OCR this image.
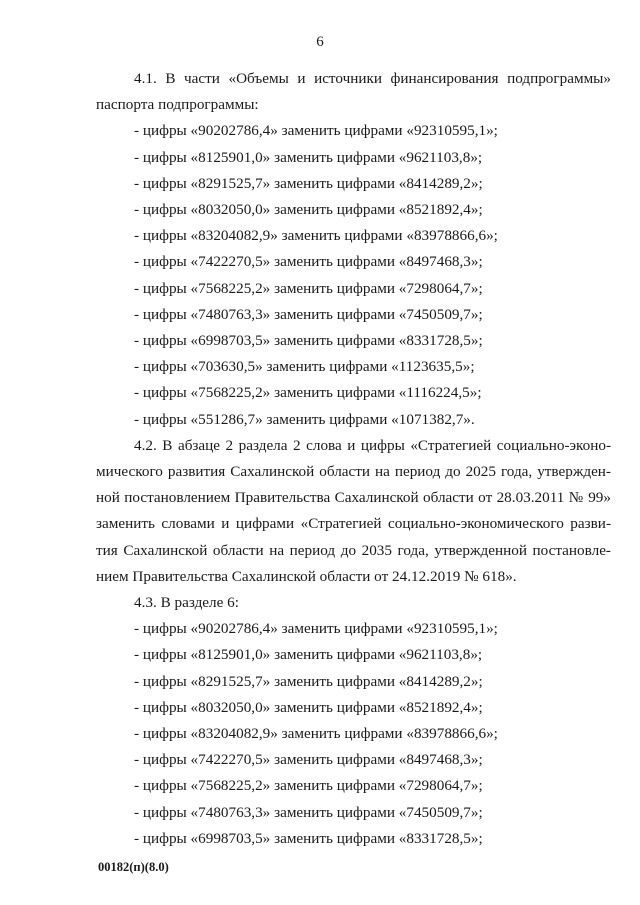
6

4.1. В части «Объемы и источники финансирования подпрограммы»

паспорта подпрограммы:

- цифры «90202786,4» заменить цифрами «92310595,1»;

- цифры «8125901,0» заменить цифрами «9621103,8»;

- цифры «8291525,7» заменить цифрами «8414289,2»;

- цифры «8032050,0» заменить цифрами «8521892,4»;

- цифры «83204082,9» заменить цифрами «83978866,6»;

- цифры «7422270,5» заменить цифрами «8497468,3»;

- цифры «7568225,2» заменить цифрами «7298064,7»;

- цифры «7480763,3» заменить цифрами «7450509,7»;

- цифры «6998703,5» заменить цифрами «8331728,5»;

- цифры «703630,5» заменить цифрами «1123635,5»;

- цифры «7568225,2» заменить цифрами «1116224,5»;

- цифры «551286,7» заменить цифрами «1071382,7».

4.2. В абзаце 2 раздела 2 слова и цифры «Стратегией социально-эконо-

мического развития Сахалинской области на период до 2025 года, утвержден-

ной постановлением Правительства Сахалинской области от 28.03.2011 № 99»

заменить словами и цифрами «Стратегией социально-экономического разви-

тия Сахалинской области на период до 2035 года, утвержденной постановле-

нием Правительства Сахалинской области от 24.12.2019 № 618».

4.3. В разделе 6:

- цифры «90202786,4» заменить цифрами «92310595,1»;

- цифры «8125901,0» заменить цифрами «9621103,8»;

- цифры «8291525,7» заменить цифрами «8414289,2»;

- цифры «8032050,0» заменить цифрами «8521892,4»;

- цифры «83204082,9» заменить цифрами «83978866,6»;

- цифры «7422270,5» заменить цифрами «8497468,3»;

- цифры «7568225,2» заменить цифрами «7298064,7»;

- цифры «7480763,3» заменить цифрами «7450509,7»;

- цифры «6998703,5» заменить цифрами «8331728,5»;

00182(п)(8.0)
